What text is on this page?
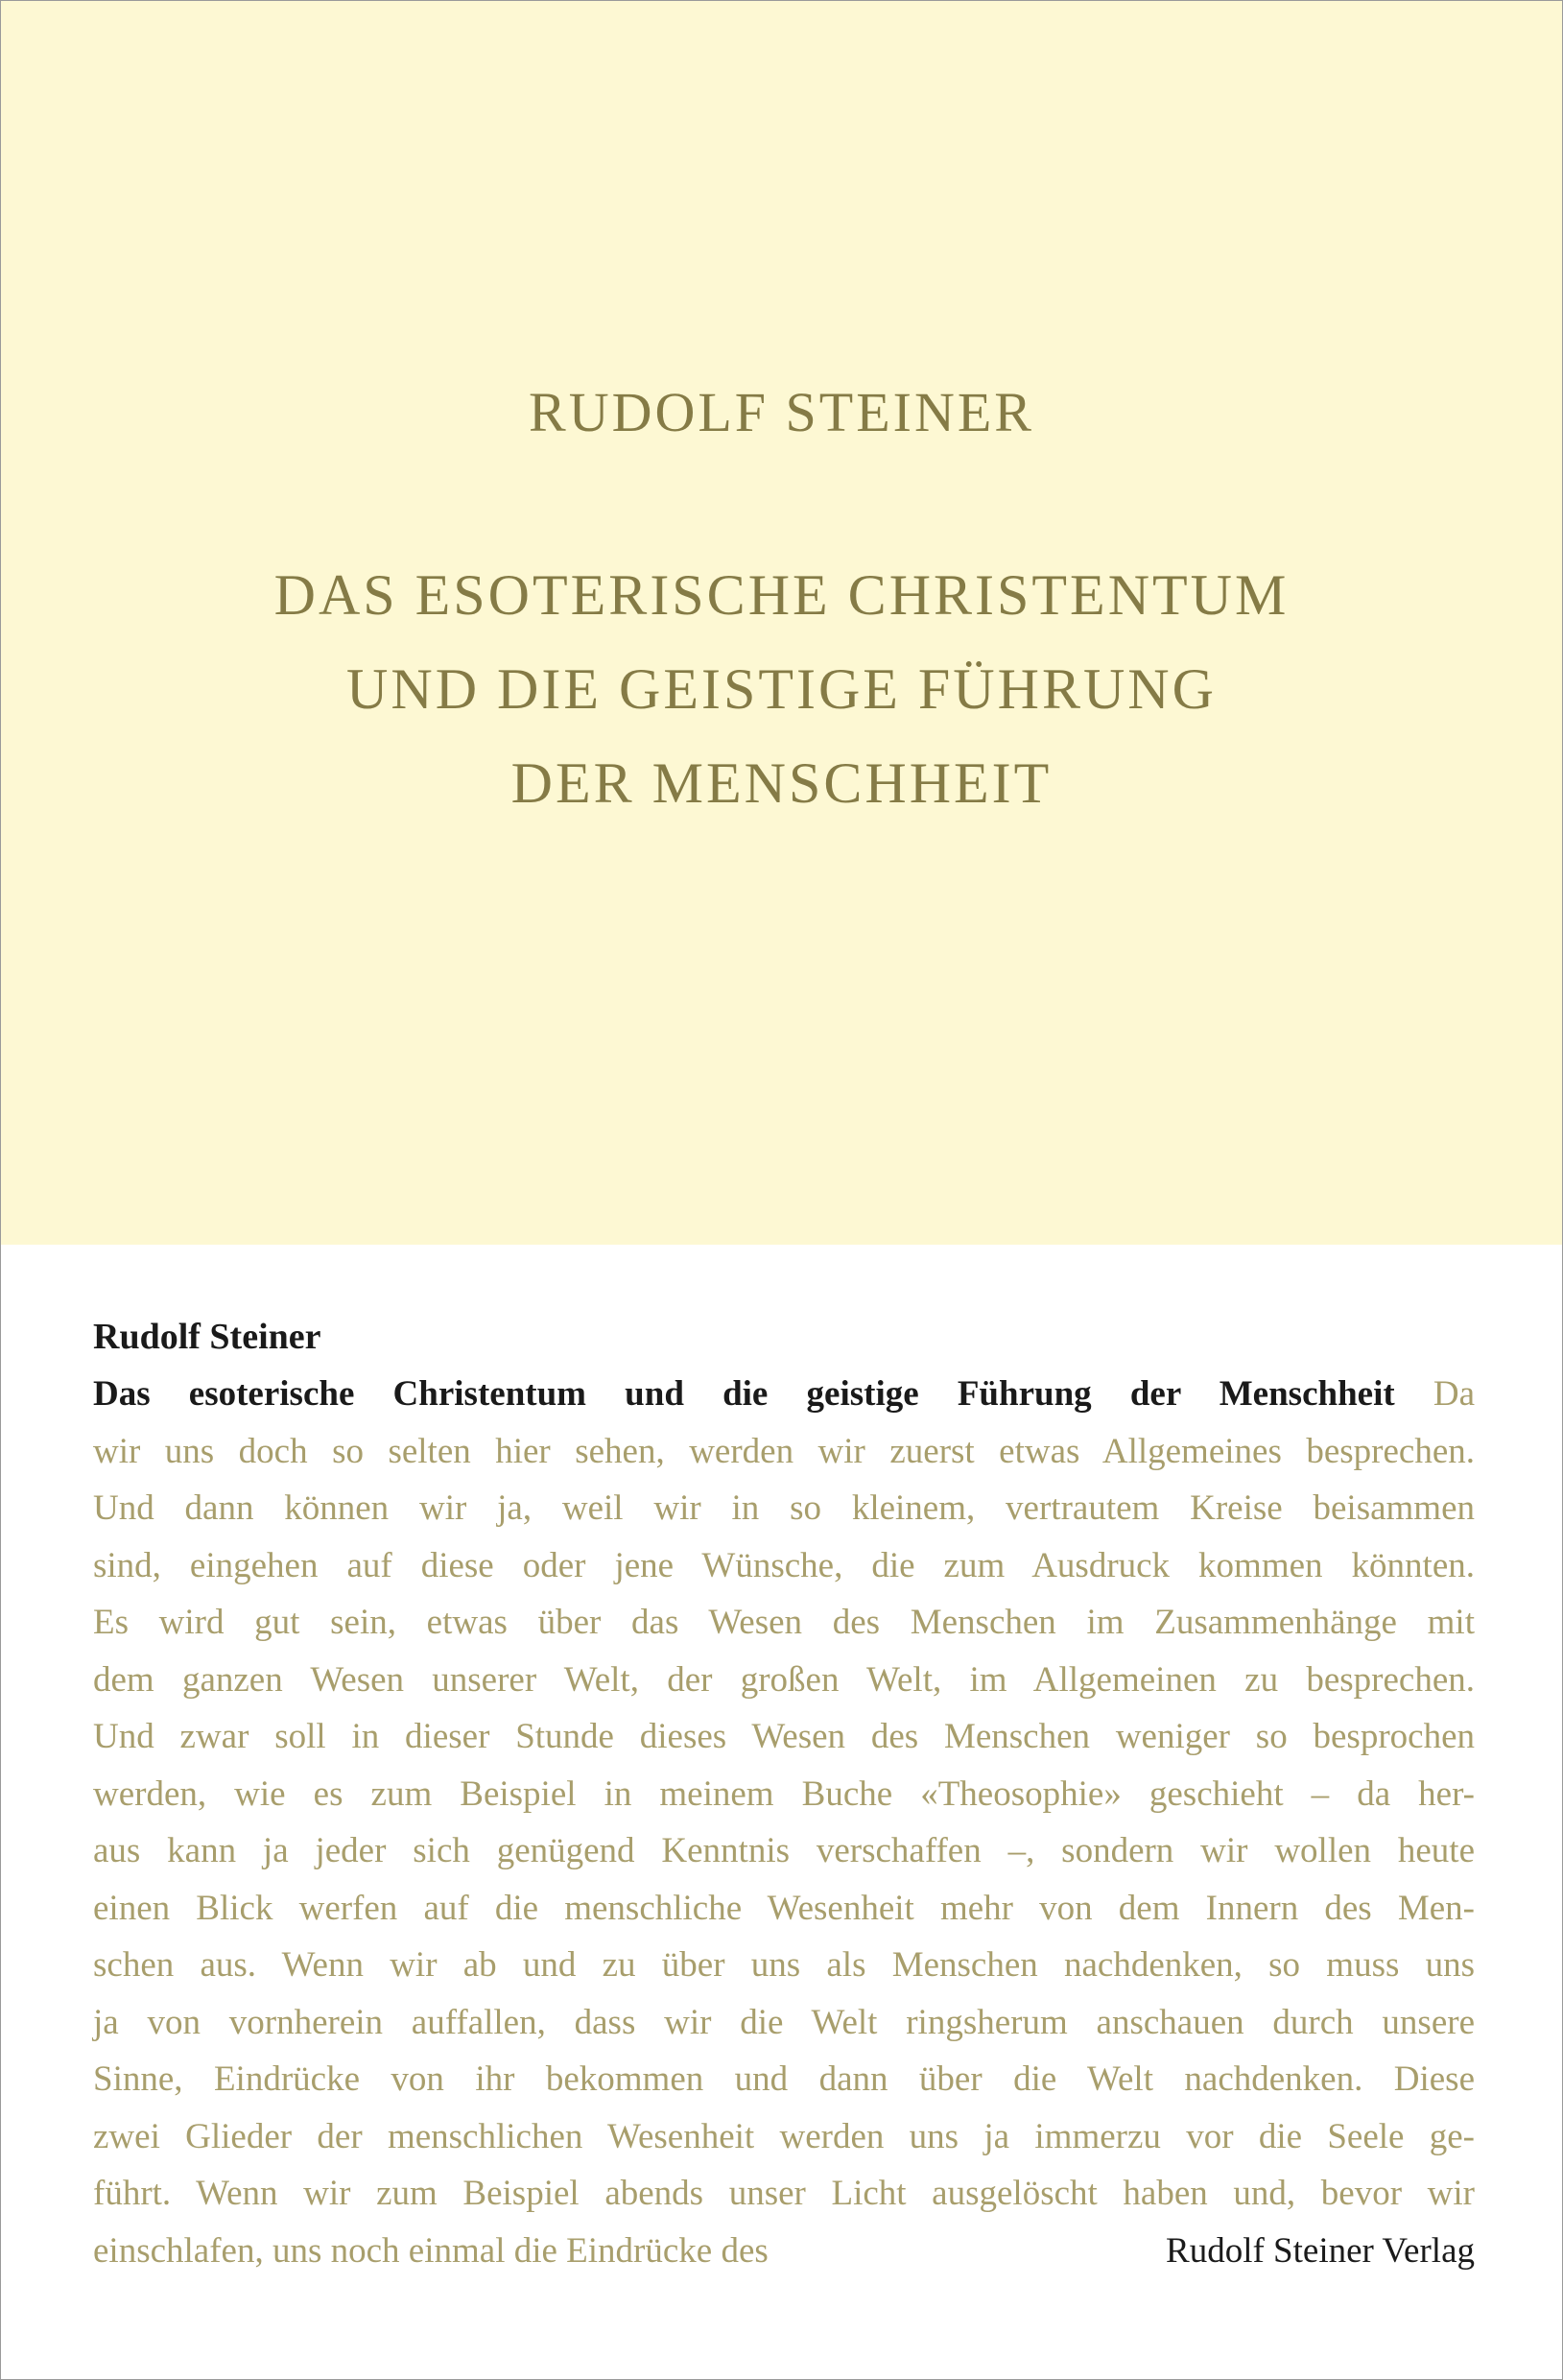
RUDOLF STEINER
DAS ESOTERISCHE CHRISTENTUM
UND DIE GEISTIGE FÜHRUNG
DER MENSCHHEIT
Rudolf Steiner
Das esoterische Christentum und die geistige Führung der Menschheit Da
wir uns doch so selten hier sehen, werden wir zuerst etwas Allgemeines besprechen.
Und dann können wir ja, weil wir in so kleinem, vertrautem Kreise beisammen
sind, eingehen auf diese oder jene Wünsche, die zum Ausdruck kommen könnten.
Es wird gut sein, etwas über das Wesen des Menschen im Zusammenhänge mit
dem ganzen Wesen unserer Welt, der großen Welt, im Allgemeinen zu besprechen.
Und zwar soll in dieser Stunde dieses Wesen des Menschen weniger so besprochen
werden, wie es zum Beispiel in meinem Buche «Theosophie» geschieht – da her-
aus kann ja jeder sich genügend Kenntnis verschaffen –, sondern wir wollen heute
einen Blick werfen auf die menschliche Wesenheit mehr von dem Innern des Men-
schen aus. Wenn wir ab und zu über uns als Menschen nachdenken, so muss uns
ja von vornherein auffallen, dass wir die Welt ringsherum anschauen durch unsere
Sinne, Eindrücke von ihr bekommen und dann über die Welt nachdenken. Diese
zwei Glieder der menschlichen Wesenheit werden uns ja immerzu vor die Seele ge-
führt. Wenn wir zum Beispiel abends unser Licht ausgelöscht haben und, bevor wir
einschlafen, uns noch einmal die Eindrücke des	Rudolf Steiner Verlag
